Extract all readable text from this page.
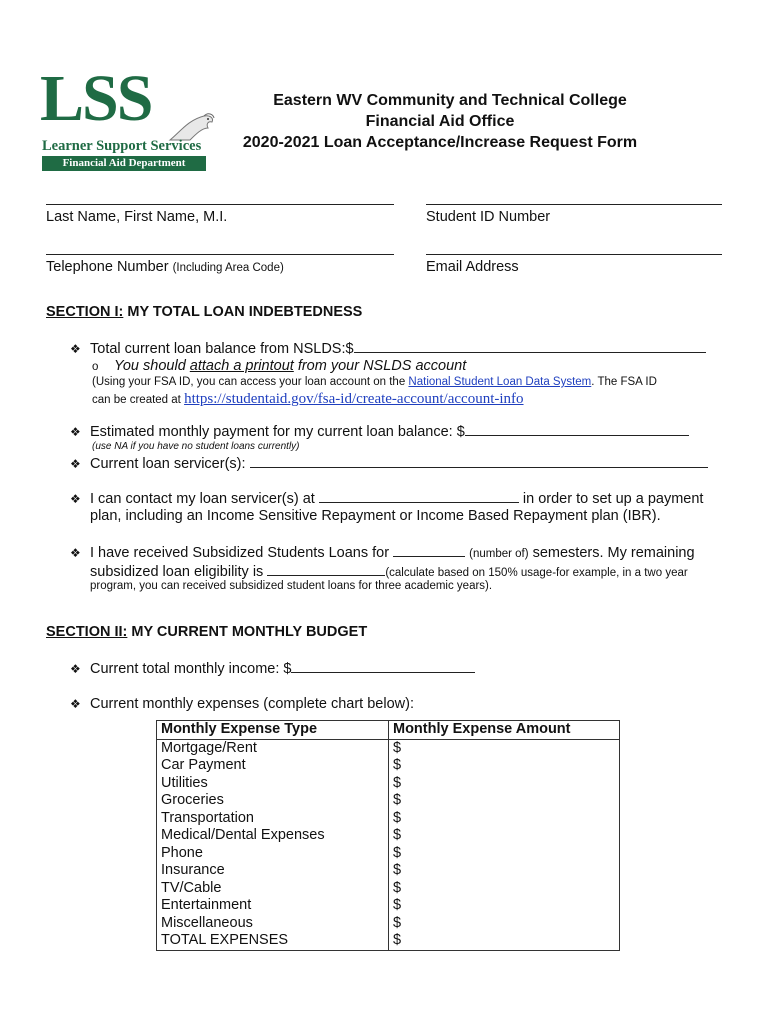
LSS
Learner Support Services
Financial Aid Department
Eastern WV Community and Technical College
Financial Aid Office
2020-2021 Loan Acceptance/Increase Request Form
Last Name, First Name, M.I.	Student ID Number
Telephone Number (Including Area Code)	Email Address
SECTION I: MY TOTAL LOAN INDEBTEDNESS
❖ Total current loan balance from NSLDS:$
o You should attach a printout from your NSLDS account
(Using your FSA ID, you can access your loan account on the National Student Loan Data System. The FSA ID
can be created at https://studentaid.gov/fsa-id/create-account/account-info
❖ Estimated monthly payment for my current loan balance: $
(use NA if you have no student loans currently)
❖ Current loan servicer(s):
❖ I can contact my loan servicer(s) at	in order to set up a payment
plan, including an Income Sensitive Repayment or Income Based Repayment plan (IBR).
❖ I have received Subsidized Students Loans for	(number of) semesters. My remaining
subsidized loan eligibility is	(calculate based on 150% usage-for example, in a two year
program, you can received subsidized student loans for three academic years).
SECTION II: MY CURRENT MONTHLY BUDGET
❖ Current total monthly income: $
❖ Current monthly expenses (complete chart below):
Monthly Expense Type	Monthly Expense Amount
Mortgage/Rent	$
Car Payment	$
Utilities	$
Groceries	$
Transportation	$
Medical/Dental Expenses	$
Phone	$
Insurance	$
TV/Cable	$
Entertainment	$
Miscellaneous	$
TOTAL EXPENSES	$
